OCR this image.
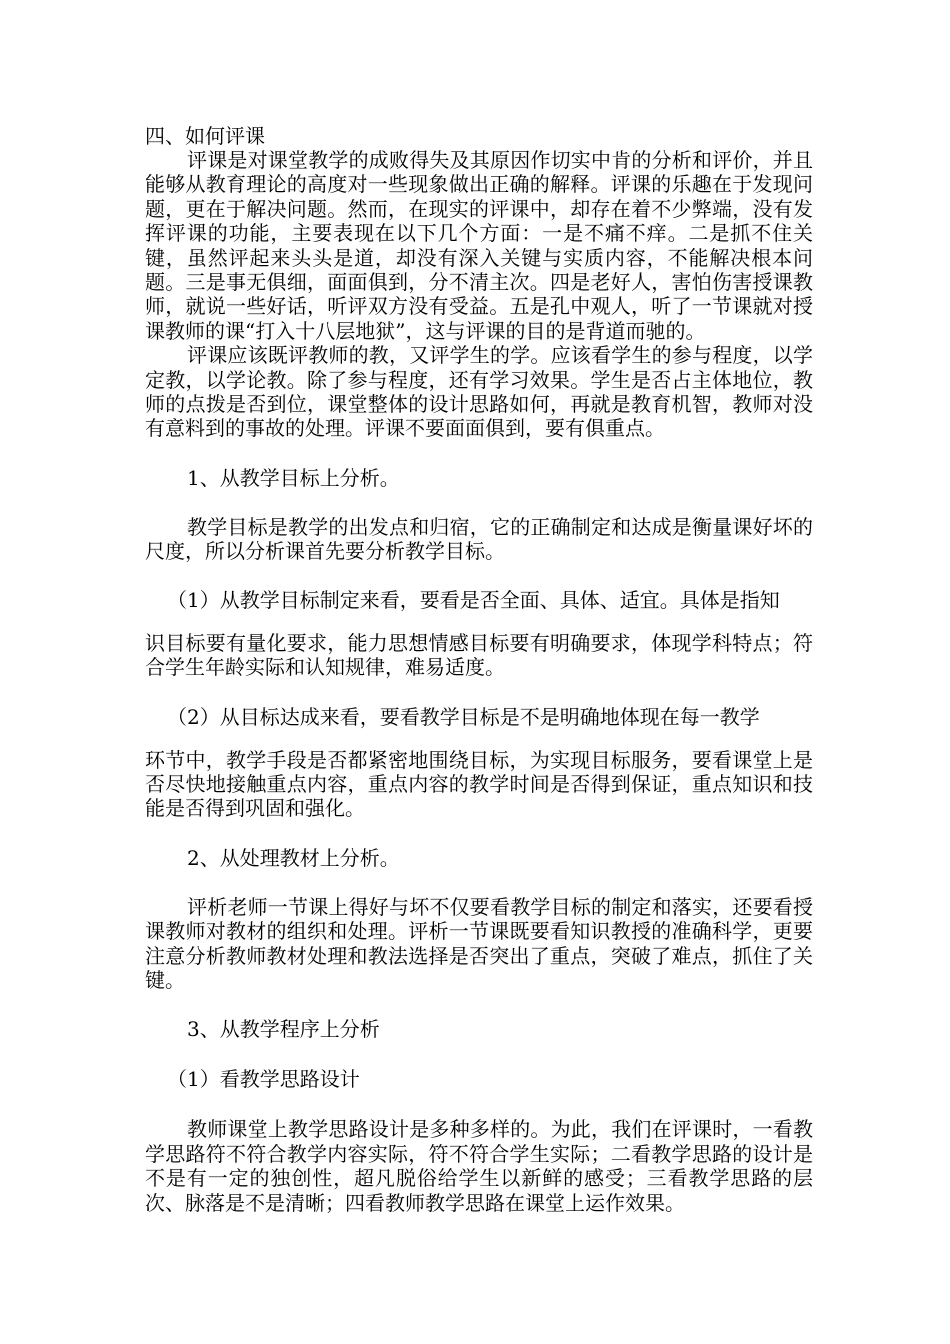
四、如何评课

评课是对课堂教学的成败得失及其原因作切实中肯的分析和评价，并且能够从教育理论的高度对一些现象做出正确的解释。评课的乐趣在于发现问题，更在于解决问题。然而，在现实的评课中，却存在着不少弊端，没有发挥评课的功能，主要表现在以下几个方面：一是不痛不痒。二是抓不住关键，虽然评起来头头是道，却没有深入关键与实质内容，不能解决根本问题。三是事无俱细，面面俱到，分不清主次。四是老好人，害怕伤害授课教师，就说一些好话，听评双方没有受益。五是孔中观人，听了一节课就对授课教师的课“打入十八层地狱”，这与评课的目的是背道而驰的。

评课应该既评教师的教，又评学生的学。应该看学生的参与程度，以学定教，以学论教。除了参与程度，还有学习效果。学生是否占主体地位，教师的点拨是否到位，课堂整体的设计思路如何，再就是教育机智，教师对没有意料到的事故的处理。评课不要面面俱到，要有俱重点。

1、从教学目标上分析。

教学目标是教学的出发点和归宿，它的正确制定和达成是衡量课好坏的尺度，所以分析课首先要分析教学目标。

（1）从教学目标制定来看，要看是否全面、具体、适宜。具体是指知

识目标要有量化要求，能力思想情感目标要有明确要求，体现学科特点；符合学生年龄实际和认知规律，难易适度。

（2）从目标达成来看，要看教学目标是不是明确地体现在每一教学

环节中，教学手段是否都紧密地围绕目标，为实现目标服务，要看课堂上是否尽快地接触重点内容，重点内容的教学时间是否得到保证，重点知识和技能是否得到巩固和强化。

2、从处理教材上分析。

评析老师一节课上得好与坏不仅要看教学目标的制定和落实，还要看授课教师对教材的组织和处理。评析一节课既要看知识教授的准确科学，更要注意分析教师教材处理和教法选择是否突出了重点，突破了难点，抓住了关键。

3、从教学程序上分析

（1）看教学思路设计

教师课堂上教学思路设计是多种多样的。为此，我们在评课时，一看教学思路符不符合教学内容实际，符不符合学生实际；二看教学思路的设计是不是有一定的独创性，超凡脱俗给学生以新鲜的感受；三看教学思路的层次、脉落是不是清晰；四看教师教学思路在课堂上运作效果。
